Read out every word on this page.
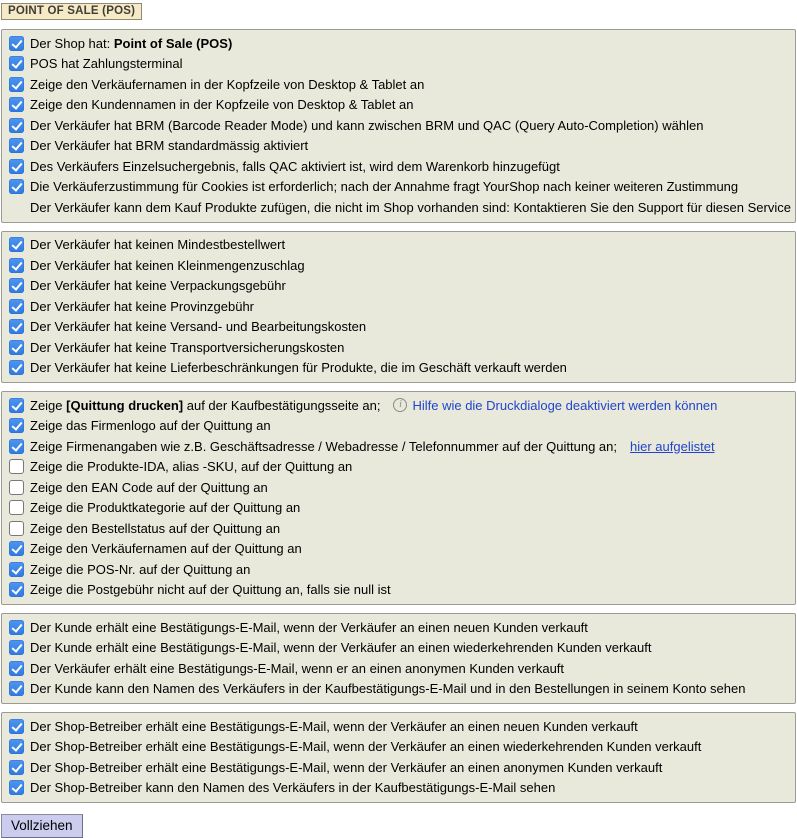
POINT OF SALE (POS)
Der Shop hat: Point of Sale (POS)
POS hat Zahlungsterminal
Zeige den Verkäufernamen in der Kopfzeile von Desktop & Tablet an
Zeige den Kundennamen in der Kopfzeile von Desktop & Tablet an
Der Verkäufer hat BRM (Barcode Reader Mode) und kann zwischen BRM und QAC (Query Auto-Completion) wählen
Der Verkäufer hat BRM standardmässig aktiviert
Des Verkäufers Einzelsuchergebnis, falls QAC aktiviert ist, wird dem Warenkorb hinzugefügt
Die Verkäuferzustimmung für Cookies ist erforderlich; nach der Annahme fragt YourShop nach keiner weiteren Zustimmung
Der Verkäufer kann dem Kauf Produkte zufügen, die nicht im Shop vorhanden sind: Kontaktieren Sie den Support für diesen Service
Der Verkäufer hat keinen Mindestbestellwert
Der Verkäufer hat keinen Kleinmengenzuschlag
Der Verkäufer hat keine Verpackungsgebühr
Der Verkäufer hat keine Provinzgebühr
Der Verkäufer hat keine Versand- und Bearbeitungskosten
Der Verkäufer hat keine Transportversicherungskosten
Der Verkäufer hat keine Lieferbeschränkungen für Produkte, die im Geschäft verkauft werden
Zeige [Quittung drucken] auf der Kaufbestätigungsseite an;	i Hilfe wie die Druckdialoge deaktiviert werden können
Zeige das Firmenlogo auf der Quittung an
Zeige Firmenangaben wie z.B. Geschäftsadresse / Webadresse / Telefonnummer auf der Quittung an; hier aufgelistet
Zeige die Produkte-IDA, alias -SKU, auf der Quittung an
Zeige den EAN Code auf der Quittung an
Zeige die Produktkategorie auf der Quittung an
Zeige den Bestellstatus auf der Quittung an
Zeige den Verkäufernamen auf der Quittung an
Zeige die POS-Nr. auf der Quittung an
Zeige die Postgebühr nicht auf der Quittung an, falls sie null ist
Der Kunde erhält eine Bestätigungs-E-Mail, wenn der Verkäufer an einen neuen Kunden verkauft
Der Kunde erhält eine Bestätigungs-E-Mail, wenn der Verkäufer an einen wiederkehrenden Kunden verkauft
Der Verkäufer erhält eine Bestätigungs-E-Mail, wenn er an einen anonymen Kunden verkauft
Der Kunde kann den Namen des Verkäufers in der Kaufbestätigungs-E-Mail und in den Bestellungen in seinem Konto sehen
Der Shop-Betreiber erhält eine Bestätigungs-E-Mail, wenn der Verkäufer an einen neuen Kunden verkauft
Der Shop-Betreiber erhält eine Bestätigungs-E-Mail, wenn der Verkäufer an einen wiederkehrenden Kunden verkauft
Der Shop-Betreiber erhält eine Bestätigungs-E-Mail, wenn der Verkäufer an einen anonymen Kunden verkauft
Der Shop-Betreiber kann den Namen des Verkäufers in der Kaufbestätigungs-E-Mail sehen
Vollziehen
